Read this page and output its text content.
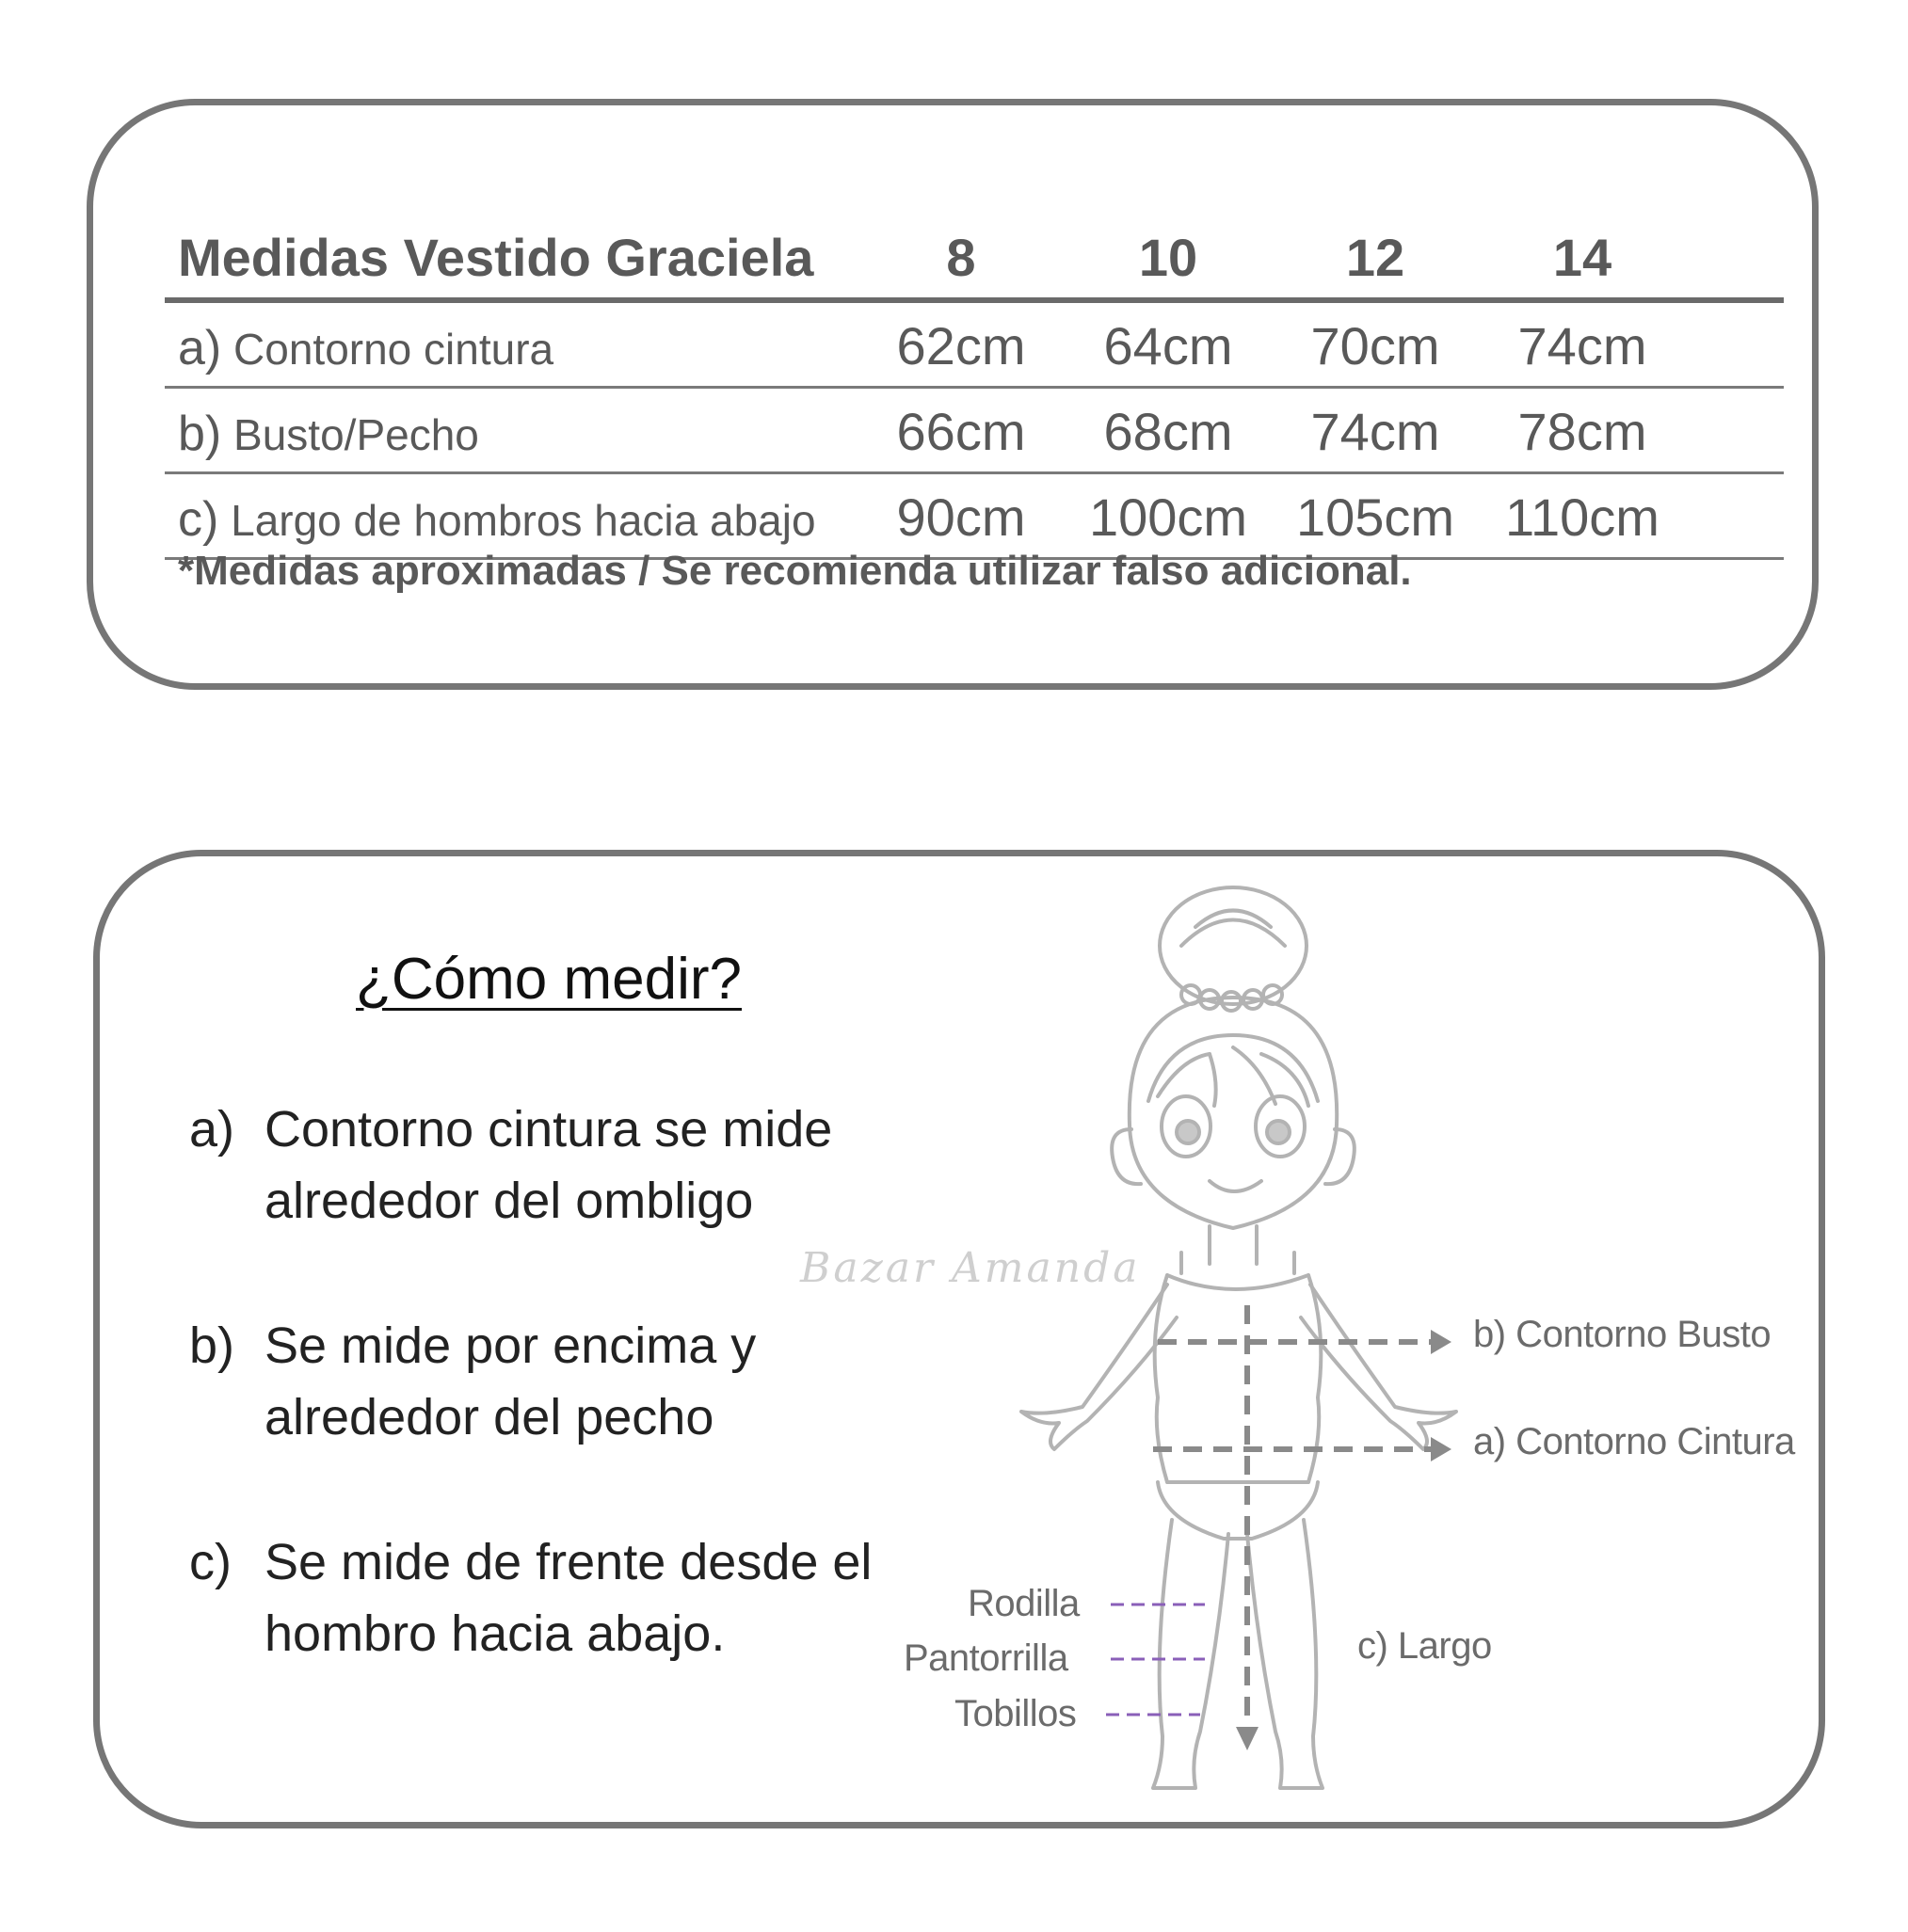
Medidas Vestido Graciela	8	10	12	14
a) Contorno cintura	62cm	64cm	70cm	74cm
b) Busto/Pecho	66cm	68cm	74cm	78cm
c) Largo de hombros hacia abajo	90cm	100cm 105cm 110cm
*Medidas aproximadas / Se recomienda utilizar falso adicional.
¿Cómo medir?
a) Contorno cintura se mide
alrededor del ombligo
b) Se mide por encima y
alrededor del pecho
c) Se mide de frente desde el
hombro hacia abajo.
Bazar Amanda
b) Contorno Busto
a) Contorno Cintura
c) Largo
Rodilla
Pantorrilla
Tobillos
